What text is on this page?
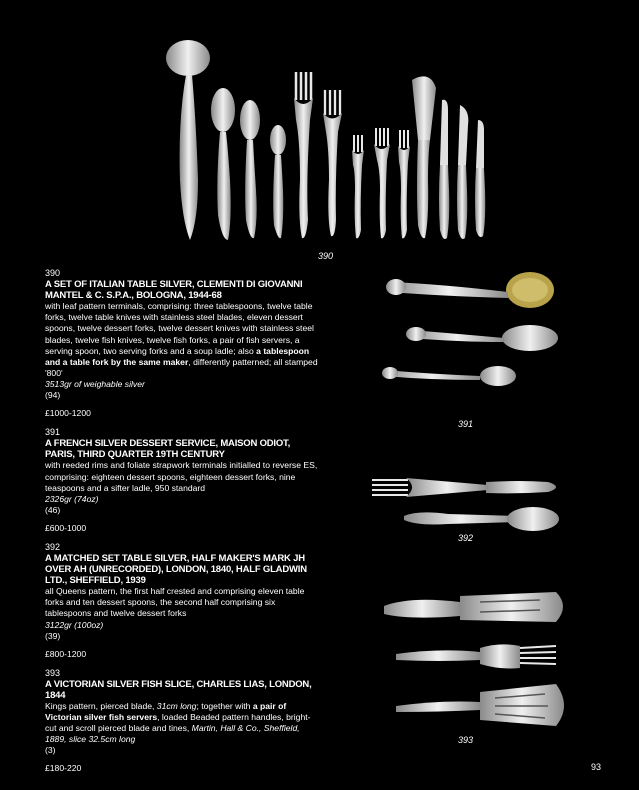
390
391
392
393
390
A SET OF ITALIAN TABLE SILVER, CLEMENTI DI GIOVANNI MANTEL & C. S.P.A., BOLOGNA, 1944-68
with leaf pattern terminals, comprising: three tablespoons, twelve table forks, twelve table knives with stainless steel blades, eleven dessert spoons, twelve dessert forks, twelve dessert knives with stainless steel blades, twelve fish knives, twelve fish forks, a pair of fish servers, a serving spoon, two serving forks and a soup ladle; also a tablespoon and a table fork by the same maker, differently patterned; all stamped '800'
3513gr of weighable silver
(94)
£1000-1200
391
A FRENCH SILVER DESSERT SERVICE, MAISON ODIOT, PARIS, THIRD QUARTER 19TH CENTURY
with reeded rims and foliate strapwork terminals initialled to reverse ES, comprising: eighteen dessert spoons, eighteen dessert forks, nine teaspoons and a sifter ladle, 950 standard
2326gr (74oz)
(46)
£600-1000
392
A MATCHED SET TABLE SILVER, HALF MAKER'S MARK JH OVER AH (UNRECORDED), LONDON, 1840, HALF GLADWIN LTD., SHEFFIELD, 1939
all Queens pattern, the first half crested and comprising eleven table forks and ten dessert spoons, the second half comprising six tablespoons and twelve dessert forks
3122gr (100oz)
(39)
£800-1200
393
A VICTORIAN SILVER FISH SLICE, CHARLES LIAS, LONDON, 1844
Kings pattern, pierced blade, 31cm long; together with a pair of Victorian silver fish servers, loaded Beaded pattern handles, bright-cut and scroll pierced blade and tines, Martin, Hall & Co., Sheffield, 1889, slice 32.5cm long
(3)
£180-220	93
